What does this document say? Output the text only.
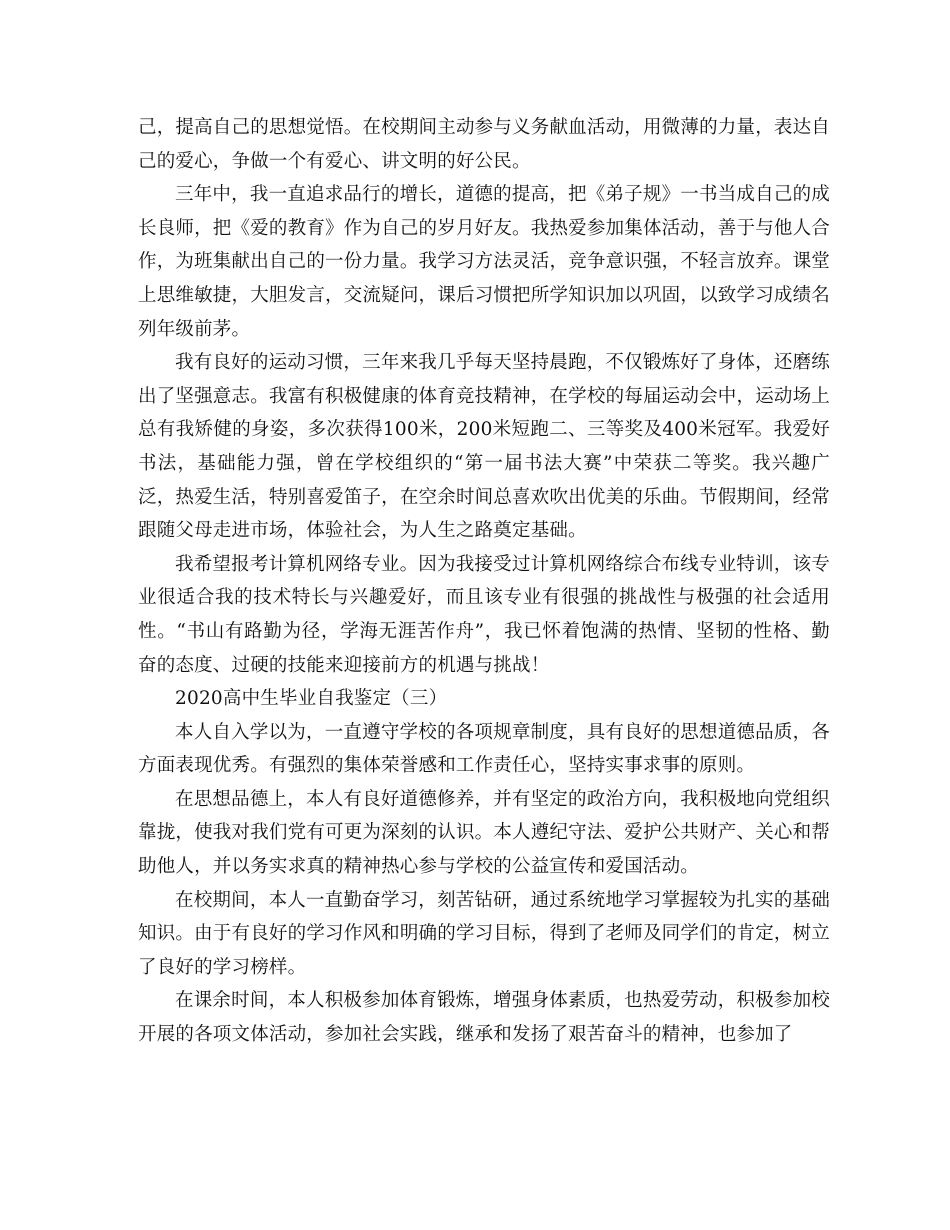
己，提高自己的思想觉悟。在校期间主动参与义务献血活动，用微薄的力量，表达自己的爱心，争做一个有爱心、讲文明的好公民。

三年中，我一直追求品行的增长，道德的提高，把《弟子规》一书当成自己的成长良师，把《爱的教育》作为自己的岁月好友。我热爱参加集体活动，善于与他人合作，为班集献出自己的一份力量。我学习方法灵活，竞争意识强，不轻言放弃。课堂上思维敏捷，大胆发言，交流疑问，课后习惯把所学知识加以巩固，以致学习成绩名列年级前茅。

我有良好的运动习惯，三年来我几乎每天坚持晨跑，不仅锻炼好了身体，还磨练出了坚强意志。我富有积极健康的体育竞技精神，在学校的每届运动会中，运动场上总有我矫健的身姿，多次获得100米，200米短跑二、三等奖及400米冠军。我爱好书法，基础能力强，曾在学校组织的“第一届书法大赛”中荣获二等奖。我兴趣广泛，热爱生活，特别喜爱笛子，在空余时间总喜欢吹出优美的乐曲。节假期间，经常跟随父母走进市场，体验社会，为人生之路奠定基础。

我希望报考计算机网络专业。因为我接受过计算机网络综合布线专业特训，该专业很适合我的技术特长与兴趣爱好，而且该专业有很强的挑战性与极强的社会适用性。“书山有路勤为径，学海无涯苦作舟”，我已怀着饱满的热情、坚韧的性格、勤奋的态度、过硬的技能来迎接前方的机遇与挑战！

2020高中生毕业自我鉴定（三）

本人自入学以为，一直遵守学校的各项规章制度，具有良好的思想道德品质，各方面表现优秀。有强烈的集体荣誉感和工作责任心，坚持实事求事的原则。

在思想品德上，本人有良好道德修养，并有坚定的政治方向，我积极地向党组织靠拢，使我对我们党有可更为深刻的认识。本人遵纪守法、爱护公共财产、关心和帮助他人，并以务实求真的精神热心参与学校的公益宣传和爱国活动。

在校期间，本人一直勤奋学习，刻苦钻研，通过系统地学习掌握较为扎实的基础知识。由于有良好的学习作风和明确的学习目标，得到了老师及同学们的肯定，树立了良好的学习榜样。

在课余时间，本人积极参加体育锻炼，增强身体素质，也热爱劳动，积极参加校开展的各项文体活动，参加社会实践，继承和发扬了艰苦奋斗的精神，也参加了
